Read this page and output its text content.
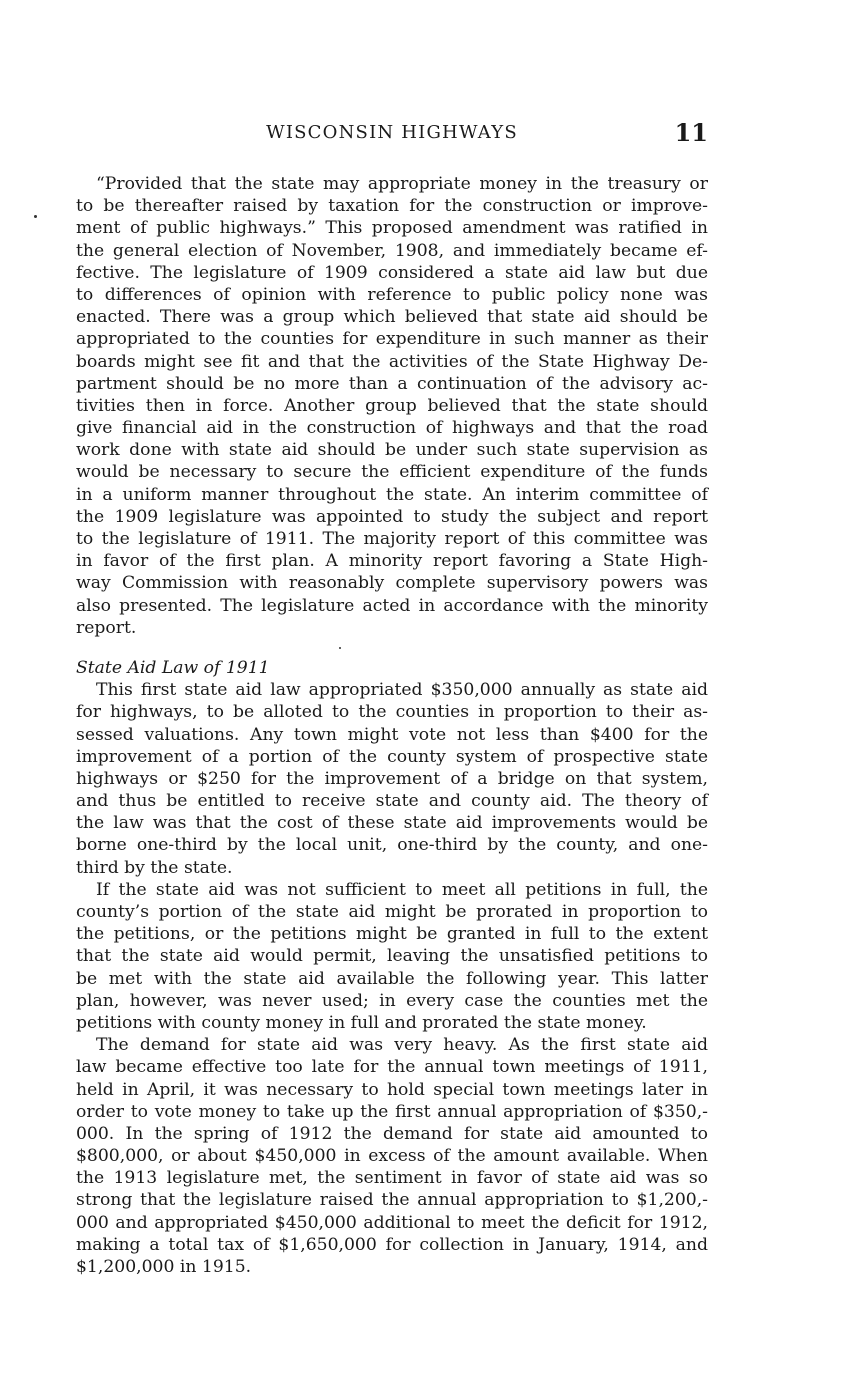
WISCONSIN HIGHWAYS	11
“Provided that the state may appropriate money in the treasury or
to be thereafter raised by taxation for the construction or improve-
ment of public highways.” This proposed amendment was ratified in
the general election of November, 1908, and immediately became ef-
fective. The legislature of 1909 considered a state aid law but due
to differences of opinion with reference to public policy none was
enacted. There was a group which believed that state aid should be
appropriated to the counties for expenditure in such manner as their
boards might see fit and that the activities of the State Highway De-
partment should be no more than a continuation of the advisory ac-
tivities then in force. Another group believed that the state should
give financial aid in the construction of highways and that the road
work done with state aid should be under such state supervision as
would be necessary to secure the efficient expenditure of the funds
in a uniform manner throughout the state. An interim committee of
the 1909 legislature was appointed to study the subject and report
to the legislature of 1911. The majority report of this committee was
in favor of the first plan. A minority report favoring a State High-
way Commission with reasonably complete supervisory powers was
also presented. The legislature acted in accordance with the minority
report.
State Aid Law of 1911
This first state aid law appropriated $350,000 annually as state aid
for highways, to be alloted to the counties in proportion to their as-
sessed valuations. Any town might vote not less than $400 for the
improvement of a portion of the county system of prospective state
highways or $250 for the improvement of a bridge on that system,
and thus be entitled to receive state and county aid. The theory of
the law was that the cost of these state aid improvements would be
borne one-third by the local unit, one-third by the county, and one-
third by the state.
If the state aid was not sufficient to meet all petitions in full, the
county’s portion of the state aid might be prorated in proportion to
the petitions, or the petitions might be granted in full to the extent
that the state aid would permit, leaving the unsatisfied petitions to
be met with the state aid available the following year. This latter
plan, however, was never used; in every case the counties met the
petitions with county money in full and prorated the state money.
The demand for state aid was very heavy. As the first state aid
law became effective too late for the annual town meetings of 1911,
held in April, it was necessary to hold special town meetings later in
order to vote money to take up the first annual appropriation of $350,-
000. In the spring of 1912 the demand for state aid amounted to
$800,000, or about $450,000 in excess of the amount available. When
the 1913 legislature met, the sentiment in favor of state aid was so
strong that the legislature raised the annual appropriation to $1,200,-
000 and appropriated $450,000 additional to meet the deficit for 1912,
making a total tax of $1,650,000 for collection in January, 1914, and
$1,200,000 in 1915.
